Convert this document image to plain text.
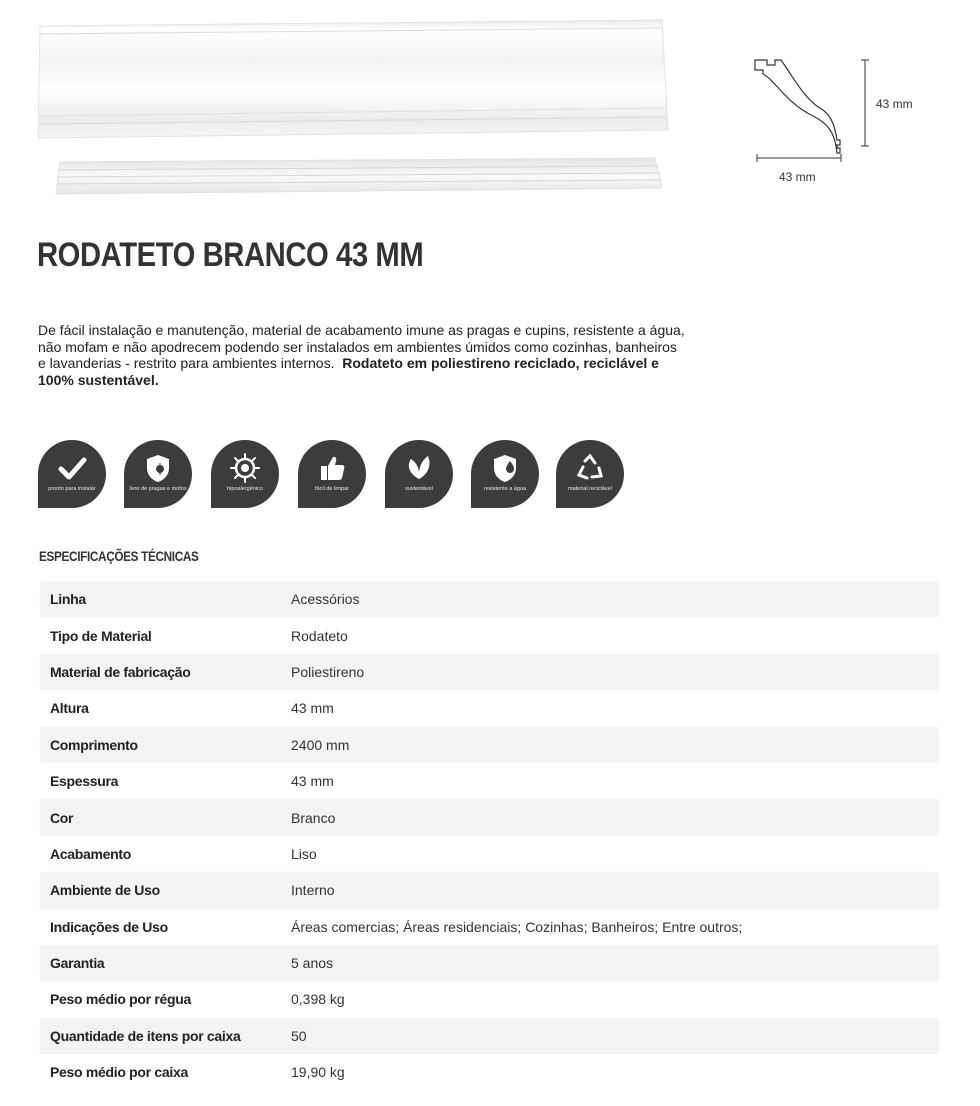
43 mm
43 mm
RODATETO BRANCO 43 MM

De fácil instalação e manutenção, material de acabamento imune as pragas e cupins, resistente a água, não mofam e não apodrecem podendo ser instalados em ambientes úmidos como cozinhas, banheiros e lavanderias - restrito para ambientes internos. Rodateto em poliestireno reciclado, reciclável e 100% sustentável.

pronto para instalar	livre de pragas e mofos	hipoalergênico	fácil de limpar	sustentável	resistente a água	material reciclável
ESPECIFICAÇÕES TÉCNICAS
Linha	Acessórios
Tipo de Material	Rodateto
Material de fabricação	Poliestireno
Altura	43 mm
Comprimento	2400 mm
Espessura	43 mm
Cor	Branco
Acabamento	Liso
Ambiente de Uso	Interno
Indicações de Uso	Áreas comercias; Áreas residenciais; Cozinhas; Banheiros; Entre outros;
Garantia	5 anos
Peso médio por régua	0,398 kg
Quantidade de itens por caixa	50
Peso médio por caixa	19,90 kg
